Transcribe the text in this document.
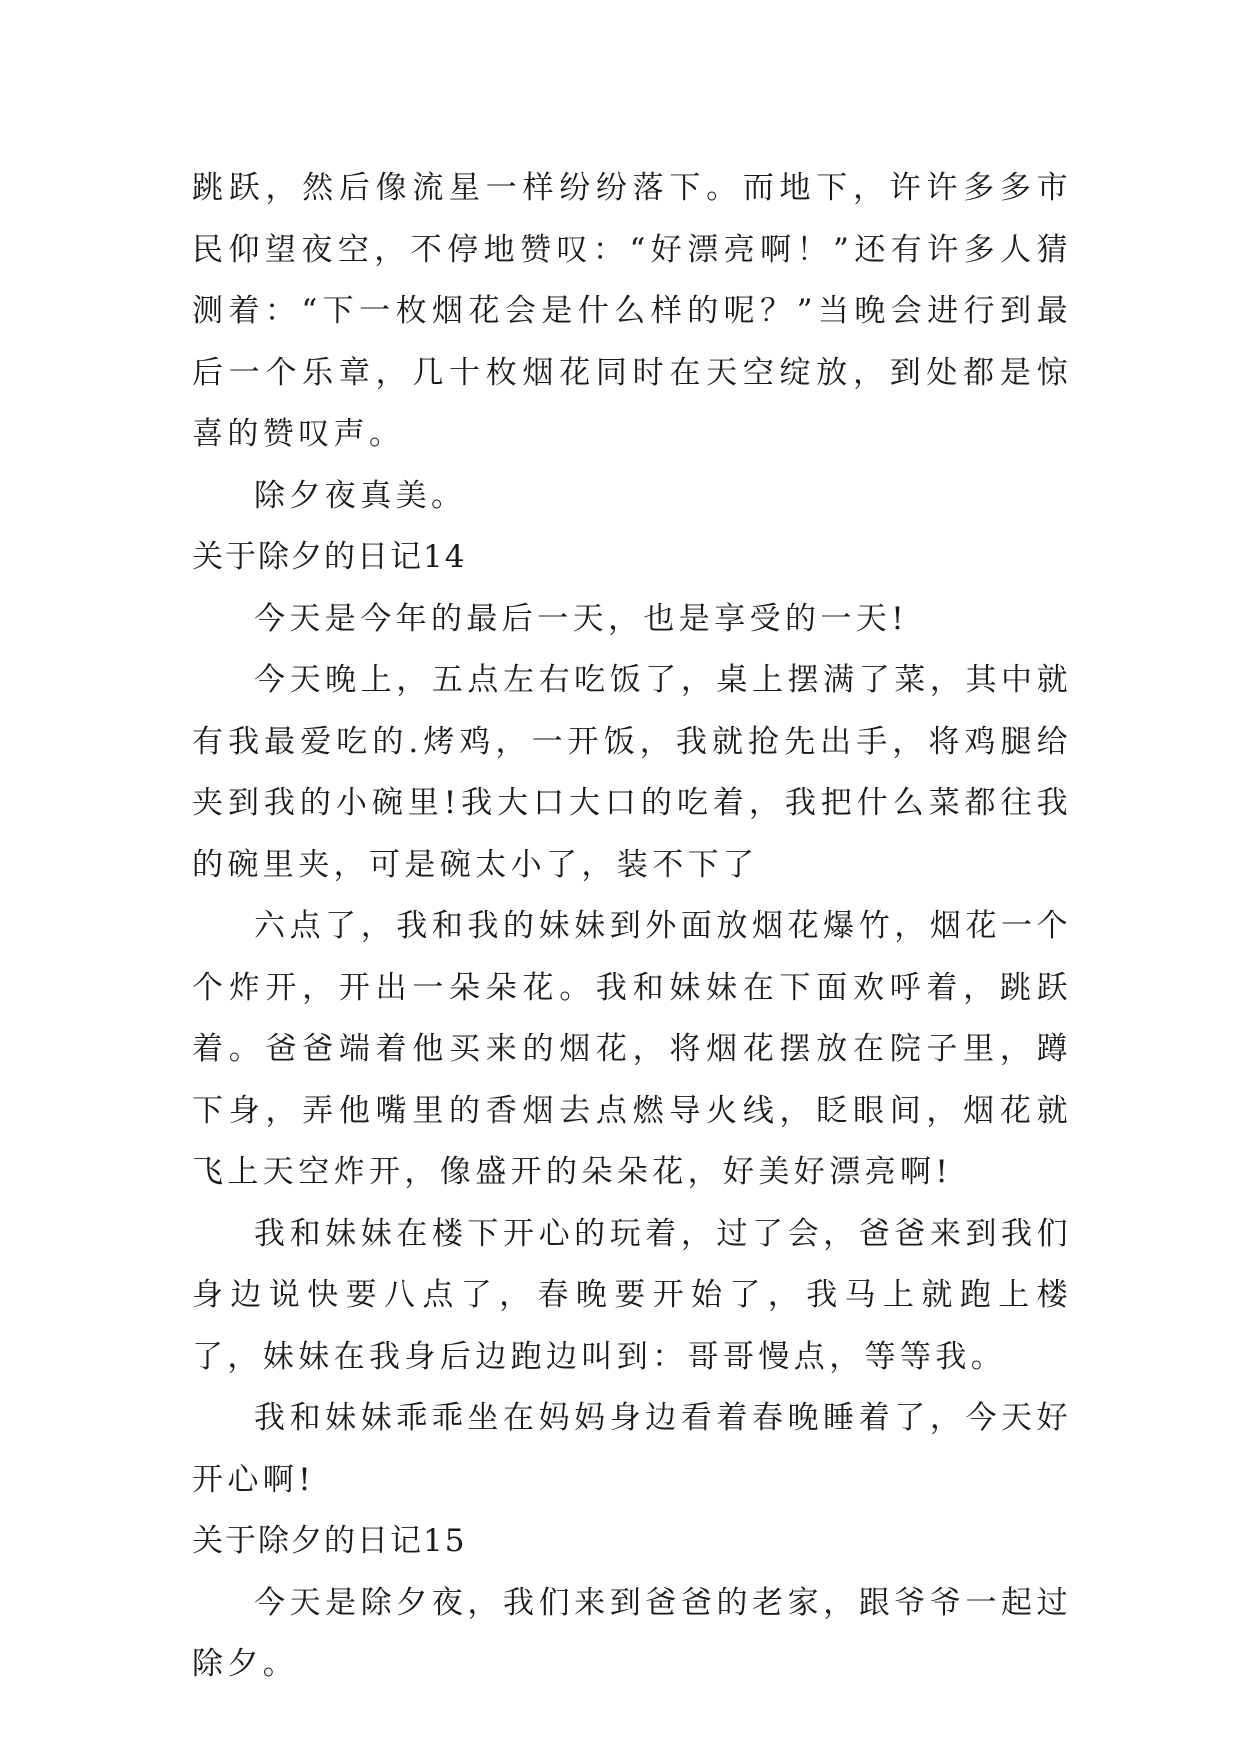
跳跃，然后像流星一样纷纷落下。而地下，许许多多市民仰望夜空，不停地赞叹：“好漂亮啊！”还有许多人猜测着：“下一枚烟花会是什么样的呢？”当晚会进行到最后一个乐章，几十枚烟花同时在天空绽放，到处都是惊喜的赞叹声。

除夕夜真美。

关于除夕的日记14

今天是今年的最后一天，也是享受的一天!

今天晚上，五点左右吃饭了，桌上摆满了菜，其中就有我最爱吃的.烤鸡，一开饭，我就抢先出手，将鸡腿给夹到我的小碗里!我大口大口的吃着，我把什么菜都往我的碗里夹，可是碗太小了，装不下了

六点了，我和我的妹妹到外面放烟花爆竹，烟花一个个炸开，开出一朵朵花。我和妹妹在下面欢呼着，跳跃着。爸爸端着他买来的烟花，将烟花摆放在院子里，蹲下身，弄他嘴里的香烟去点燃导火线，眨眼间，烟花就飞上天空炸开，像盛开的朵朵花，好美好漂亮啊!

我和妹妹在楼下开心的玩着，过了会，爸爸来到我们身边说快要八点了，春晚要开始了，我马上就跑上楼了，妹妹在我身后边跑边叫到：哥哥慢点，等等我。

我和妹妹乖乖坐在妈妈身边看着春晚睡着了，今天好开心啊!

关于除夕的日记15

今天是除夕夜，我们来到爸爸的老家，跟爷爷一起过除夕。
